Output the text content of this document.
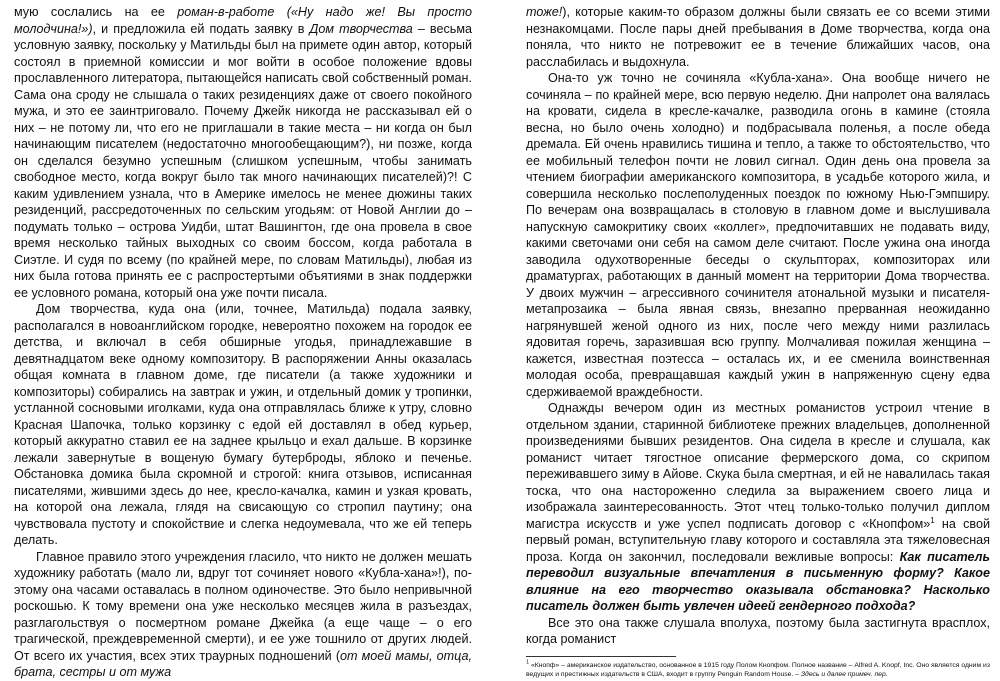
мую сослались на ее роман-в-работе («Ну надо же! Вы просто молодчина!»), и предложила ей подать заявку в Дом творчества – весьма условную заявку, поскольку у Матильды был на примете один автор, который состоял в приемной комиссии и мог войти в особое положение вдовы прославленного литератора, пытающейся написать свой собственный роман. Сама она сроду не слышала о таких резиденциях даже от своего покойного мужа, и это ее заинтриговало. Почему Джейк никогда не рассказывал ей о них – не потому ли, что его не приглашали в такие места – ни когда он был начинающим писателем (недостаточно многообещающим?), ни позже, когда он сделался безумно успешным (слишком успешным, чтобы занимать свободное место, когда вокруг было так много начинающих писателей)?! С каким удивлением узнала, что в Америке имелось не менее дюжины таких резиденций, рассредоточенных по сельским угодьям: от Новой Англии до – подумать только – острова Уидби, штат Вашингтон, где она провела в свое время несколько тайных выходных со своим боссом, когда работала в Сиэтле. И судя по всему (по крайней мере, по словам Матильды), любая из них была готова принять ее с распростертыми объятиями в знак поддержки ее условного романа, который она уже почти писала.

Дом творчества, куда она (или, точнее, Матильда) подала заявку, располагался в новоанглийском городке, невероятно похожем на городок ее детства, и включал в себя обширные угодья, принадлежавшие в девятнадцатом веке одному композитору. В распоряжении Анны оказалась общая комната в главном доме, где писатели (а также художники и композиторы) собирались на завтрак и ужин, и отдельный домик у тропинки, устланной сосновыми иголками, куда она отправлялась ближе к утру, словно Красная Шапочка, только корзинку с едой ей доставлял в обед курьер, который аккуратно ставил ее на заднее крыльцо и ехал дальше. В корзинке лежали завернутые в вощеную бумагу бутерброды, яблоко и печенье. Обстановка домика была скромной и строгой: книга отзывов, исписанная писателями, жившими здесь до нее, кресло-качалка, камин и узкая кровать, на которой она лежала, глядя на свисающую со стропил паутину; она чувствовала пустоту и спокойствие и слегка недоумевала, что же ей теперь делать.

Главное правило этого учреждения гласило, что никто не должен мешать художнику работать (мало ли, вдруг тот сочиняет нового «Кубла-хана»!), по-этому она часами оставалась в полном одиночестве. Это было непривычной роскошью. К тому времени она уже несколько месяцев жила в разъездах, разглагольствуя о посмертном романе Джейка (а еще чаще – о его трагической, преждевременной смерти), и ее уже тошнило от других людей. От всего их участия, всех этих траурных подношений (от моей мамы, отца, брата, сестры и от мужа

тоже!), которые каким-то образом должны были связать ее со всеми этими незнакомцами. После пары дней пребывания в Доме творчества, когда она поняла, что никто не потревожит ее в течение ближайших часов, она расслабилась и выдохнула.

Она-то уж точно не сочиняла «Кубла-хана». Она вообще ничего не сочиняла – по крайней мере, всю первую неделю. Дни напролет она валялась на кровати, сидела в кресле-качалке, разводила огонь в камине (стояла весна, но было очень холодно) и подбрасывала поленья, а после обеда дремала. Ей очень нравились тишина и тепло, а также то обстоятельство, что ее мобильный телефон почти не ловил сигнал. Один день она провела за чтением биографии американского композитора, в усадьбе которого жила, и совершила несколько послеполуденных поездок по южному Нью-Гэмпширу. По вечерам она возвращалась в столовую в главном доме и выслушивала напускную самокритику своих «коллег», предпочитавших не подавать виду, какими светочами они себя на самом деле считают. После ужина она иногда заводила одухотворенные беседы о скульпторах, композиторах или драматургах, работающих в данный момент на территории Дома творчества. У двоих мужчин – агрессивного сочинителя атональной музыки и писателя-метапрозаика – была явная связь, внезапно прерванная неожиданно нагрянувшей женой одного из них, после чего между ними разлилась ядовитая горечь, заразившая всю группу. Молчаливая пожилая женщина – кажется, известная поэтесса – осталась их, и ее сменила воинственная молодая особа, превращавшая каждый ужин в напряженную сцену едва сдерживаемой враждебности.

Однажды вечером один из местных романистов устроил чтение в отдельном здании, старинной библиотеке прежних владельцев, дополненной произведениями бывших резидентов. Она сидела в кресле и слушала, как романист читает тягостное описание фермерского дома, со скрипом переживавшего зиму в Айове. Скука была смертная, и ей не навалилась такая тоска, что она настороженно следила за выражением своего лица и изображала заинтересованность. Этот чтец только-только получил диплом магистра искусств и уже успел подписать договор с «Кнопфом»$^1$ на свой первый роман, вступительную главу которого и составляла эта тяжеловесная проза. Когда он закончил, последовали вежливые вопросы: Как писатель переводил визуальные впечатления в письменную форму? Какое влияние на его творчество оказывала обстановка? Насколько писатель должен быть увлечен идеей гендерного подхода?

Все это она также слушала вполуха, поэтому была застигнута врасплох, когда романист

$^1$ «Кнопф» – американское издательство, основанное в 1915 году Полом Кнопфом. Полное название – Alfred A. Knopf, Inc. Оно является одним из ведущих и престижных издательств в США, входит в группу Penguin Random House. – Здесь и далее примеч. пер.
